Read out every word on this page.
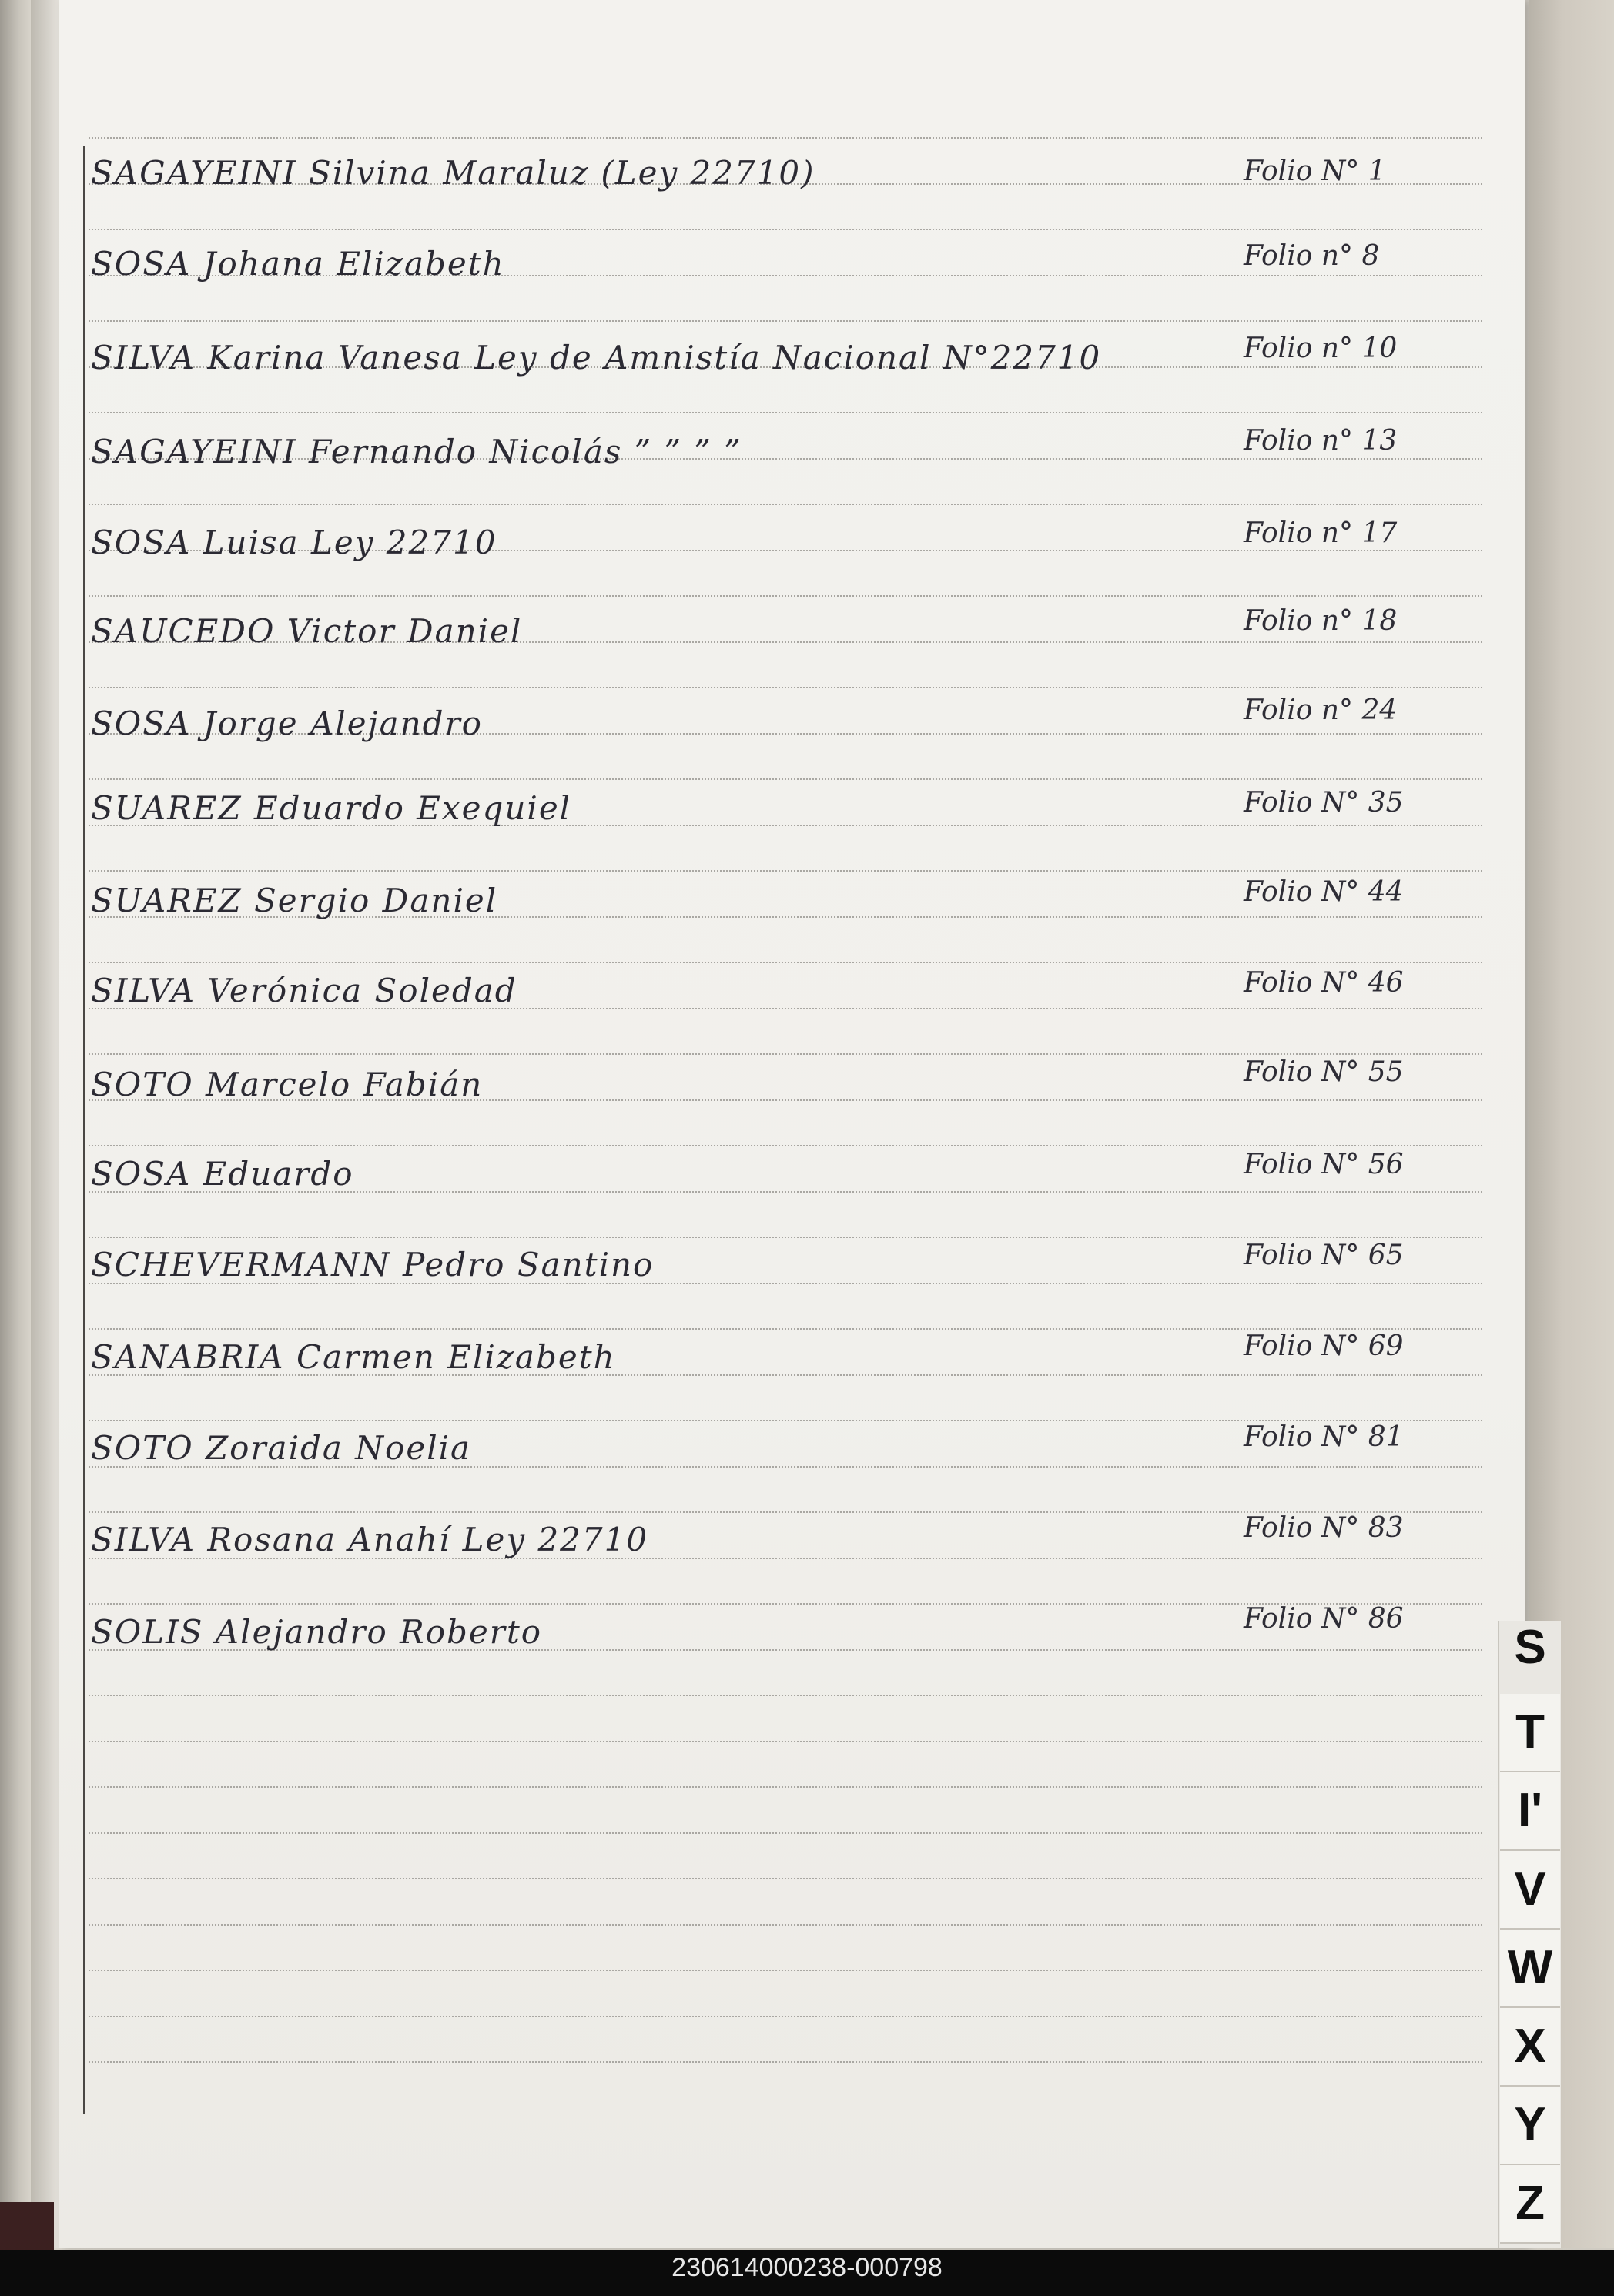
SAGAYEINI Silvina Maraluz (Ley 22710)	Folio N° 1
SOSA Johana Elizabeth	Folio n° 8
SILVA Karina Vanesa Ley de Amnistía Nacional N°22710	Folio n° 10
SAGAYEINI Fernando Nicolás ” ” ” ”	Folio n° 13
SOSA Luisa Ley 22710	Folio n° 17
SAUCEDO Victor Daniel	Folio n° 18
SOSA Jorge Alejandro	Folio n° 24
SUAREZ Eduardo Exequiel	Folio N° 35
SUAREZ Sergio Daniel	Folio N° 44
SILVA Verónica Soledad	Folio N° 46
SOTO Marcelo Fabián	Folio N° 55
SOSA Eduardo	Folio N° 56
SCHEVERMANN Pedro Santino	Folio N° 65
SANABRIA Carmen Elizabeth	Folio N° 69
SOTO Zoraida Noelia	Folio N° 81
SILVA Rosana Anahí Ley 22710	Folio N° 83
SOLIS Alejandro Roberto	Folio N° 86
S
T
I'
V
W
X
Y
Z
230614000238-000798
